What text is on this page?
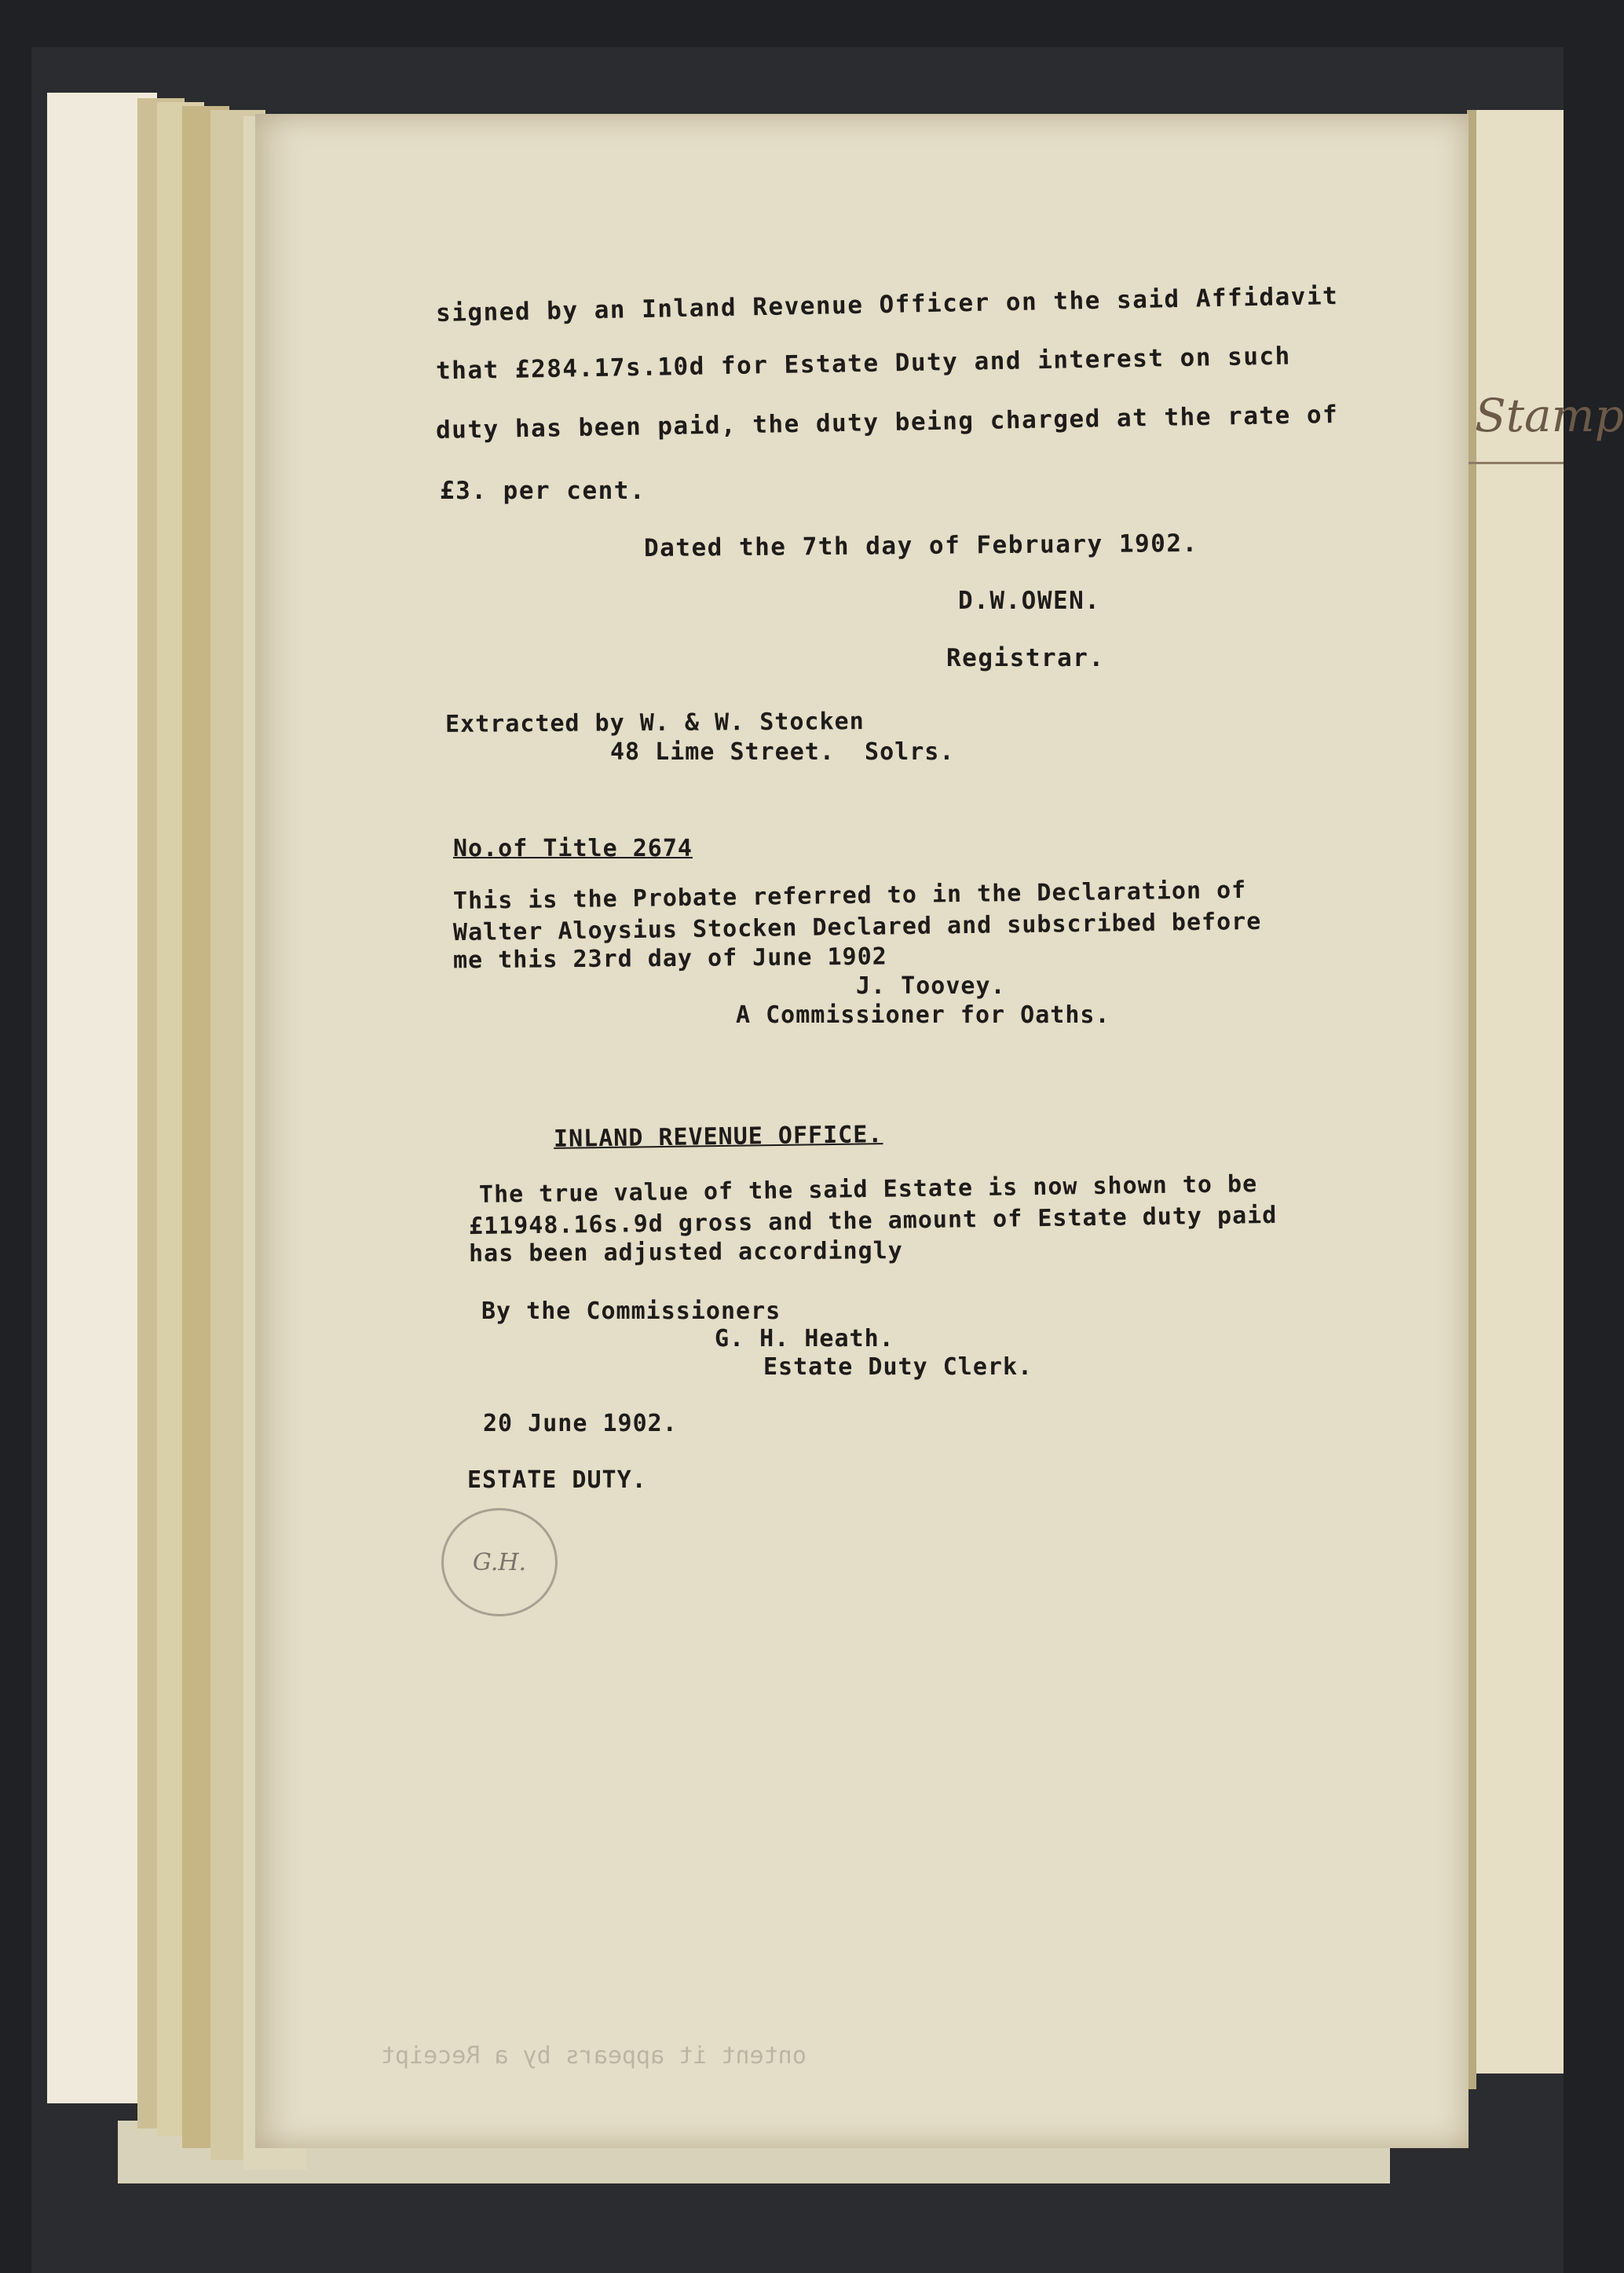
Stamp

signed by an Inland Revenue Officer on the said Affidavit

that £284.17s.10d for Estate Duty and interest on such

duty has been paid, the duty being charged at the rate of

£3. per cent.

Dated the 7th day of February 1902.

D.W.OWEN.

Registrar.

Extracted by W. & W. Stocken

48 Lime Street.  Solrs.

No.of Title 2674

This is the Probate referred to in the Declaration of

Walter Aloysius Stocken Declared and subscribed before

me this 23rd day of June 1902

J. Toovey.

A Commissioner for Oaths.

INLAND REVENUE OFFICE.

The true value of the said Estate is now shown to be

£11948.16s.9d gross and the amount of Estate duty paid

has been adjusted accordingly

By the Commissioners

G. H. Heath.

Estate Duty Clerk.

20 June 1902.

ESTATE DUTY.

ontent it appears by a Receipt
G.H.
